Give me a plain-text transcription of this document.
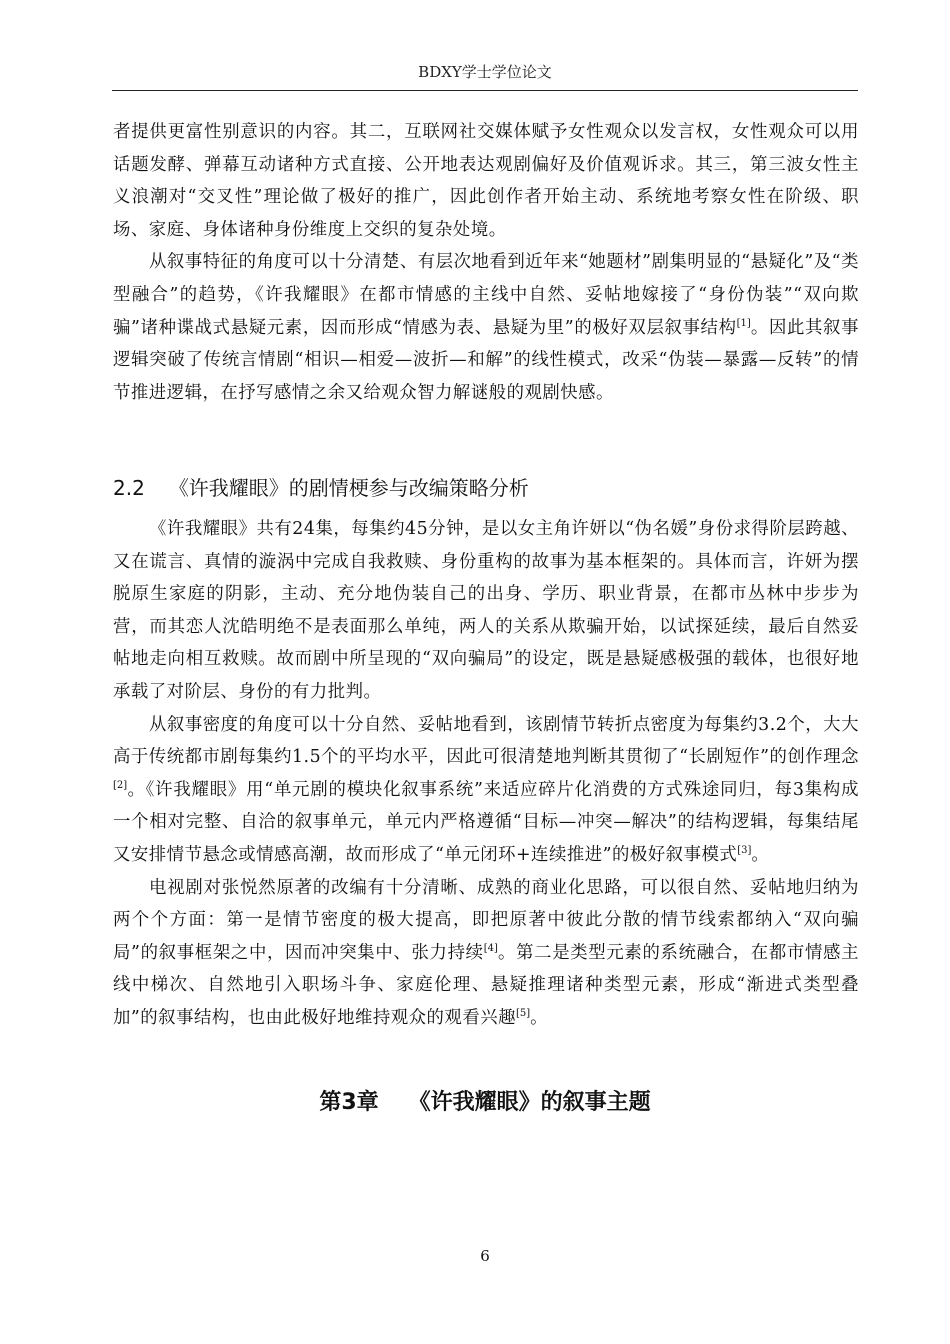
BDXY学士学位论文

者提供更富性别意识的内容。其二，互联网社交媒体赋予女性观众以发言权，女性观众可以用话题发酵、弹幕互动诸种方式直接、公开地表达观剧偏好及价值观诉求。其三，第三波女性主义浪潮对“交叉性”理论做了极好的推广，因此创作者开始主动、系统地考察女性在阶级、职场、家庭、身体诸种身份维度上交织的复杂处境。

从叙事特征的角度可以十分清楚、有层次地看到近年来“她题材”剧集明显的“悬疑化”及“类型融合”的趋势，《许我耀眼》在都市情感的主线中自然、妥帖地嫁接了“身份伪装”“双向欺骗”诸种谍战式悬疑元素，因而形成“情感为表、悬疑为里”的极好双层叙事结构[1]。因此其叙事逻辑突破了传统言情剧“相识—相爱—波折—和解”的线性模式，改采“伪装—暴露—反转”的情节推进逻辑，在抒写感情之余又给观众智力解谜般的观剧快感。

2.2 《许我耀眼》的剧情梗参与改编策略分析

《许我耀眼》共有24集，每集约45分钟，是以女主角许妍以“伪名媛”身份求得阶层跨越、又在谎言、真情的漩涡中完成自我救赎、身份重构的故事为基本框架的。具体而言，许妍为摆脱原生家庭的阴影，主动、充分地伪装自己的出身、学历、职业背景，在都市丛林中步步为营，而其恋人沈皓明绝不是表面那么单纯，两人的关系从欺骗开始，以试探延续，最后自然妥帖地走向相互救赎。故而剧中所呈现的“双向骗局”的设定，既是悬疑感极强的载体，也很好地承载了对阶层、身份的有力批判。

从叙事密度的角度可以十分自然、妥帖地看到，该剧情节转折点密度为每集约3.2个，大大高于传统都市剧每集约1.5个的平均水平，因此可很清楚地判断其贯彻了“长剧短作”的创作理念[2]。《许我耀眼》用“单元剧的模块化叙事系统”来适应碎片化消费的方式殊途同归，每3集构成一个相对完整、自洽的叙事单元，单元内严格遵循“目标—冲突—解决”的结构逻辑，每集结尾又安排情节悬念或情感高潮，故而形成了“单元闭环+连续推进”的极好叙事模式[3]。

电视剧对张悦然原著的改编有十分清晰、成熟的商业化思路，可以很自然、妥帖地归纳为两个个方面：第一是情节密度的极大提高，即把原著中彼此分散的情节线索都纳入“双向骗局”的叙事框架之中，因而冲突集中、张力持续[4]。第二是类型元素的系统融合，在都市情感主线中梯次、自然地引入职场斗争、家庭伦理、悬疑推理诸种类型元素，形成“渐进式类型叠加”的叙事结构，也由此极好地维持观众的观看兴趣[5]。

第3章 《许我耀眼》的叙事主题
6
